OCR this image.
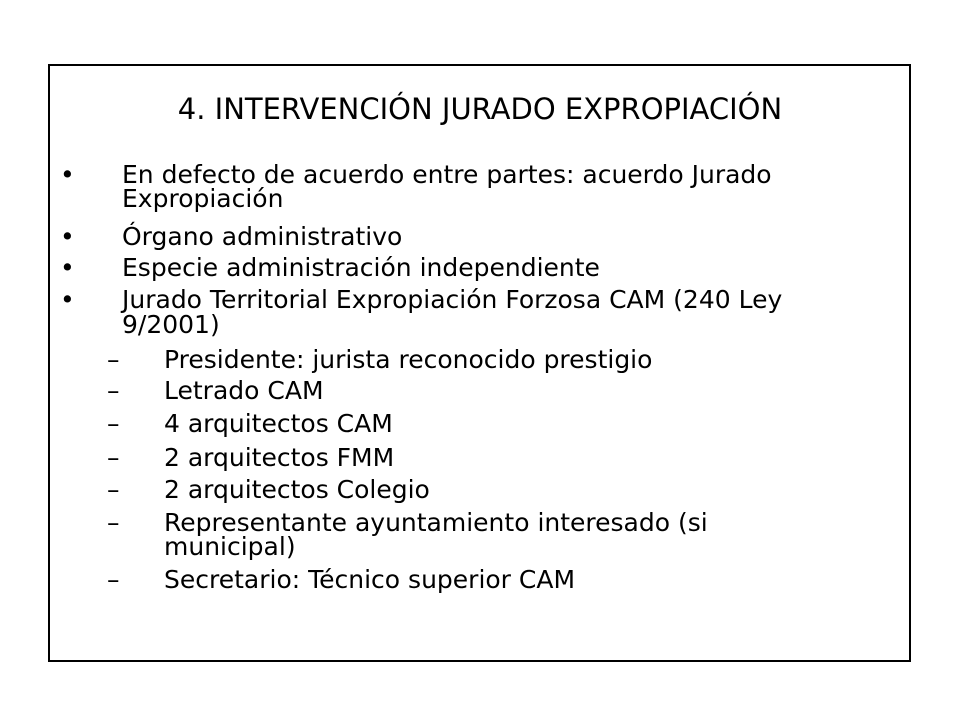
4. INTERVENCIÓN JURADO EXPROPIACIÓN
• En defecto de acuerdo entre partes: acuerdo Jurado
Expropiación
• Órgano administrativo
• Especie administración independiente
• Jurado Territorial Expropiación Forzosa CAM (240 Ley
9/2001)
– Presidente: jurista reconocido prestigio
– Letrado CAM
– 4 arquitectos CAM
– 2 arquitectos FMM
– 2 arquitectos Colegio
– Representante ayuntamiento interesado (si
municipal)
– Secretario: Técnico superior CAM
